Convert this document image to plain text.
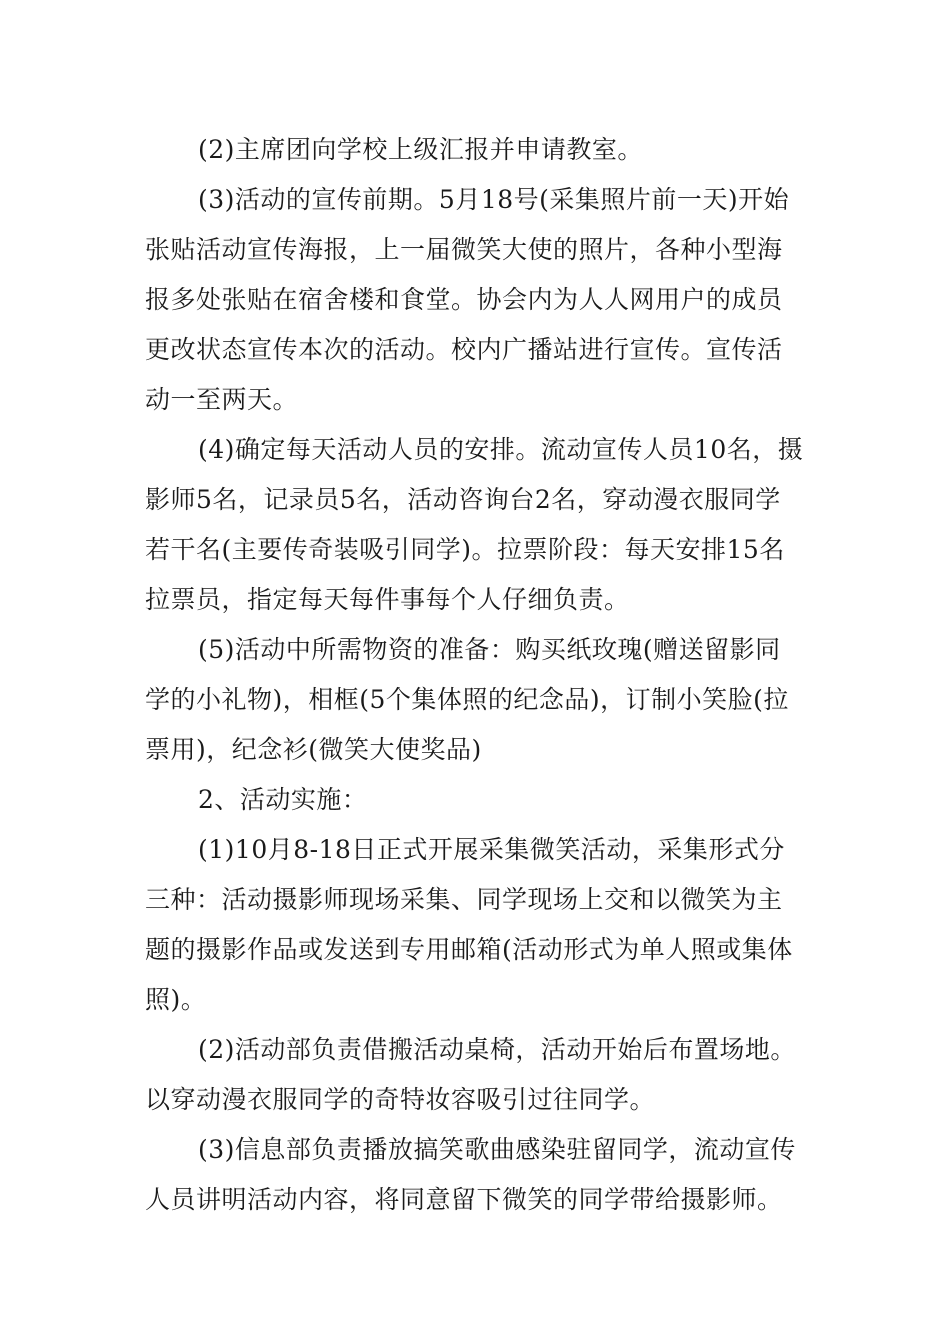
(2)主席团向学校上级汇报并申请教室。

(3)活动的宣传前期。5月18号(采集照片前一天)开始

张贴活动宣传海报，上一届微笑大使的照片，各种小型海

报多处张贴在宿舍楼和食堂。协会内为人人网用户的成员

更改状态宣传本次的活动。校内广播站进行宣传。宣传活

动一至两天。

(4)确定每天活动人员的安排。流动宣传人员10名，摄

影师5名，记录员5名，活动咨询台2名，穿动漫衣服同学

若干名(主要传奇装吸引同学)。拉票阶段：每天安排15名

拉票员，指定每天每件事每个人仔细负责。

(5)活动中所需物资的准备：购买纸玫瑰(赠送留影同

学的小礼物)，相框(5个集体照的纪念品)，订制小笑脸(拉

票用)，纪念衫(微笑大使奖品)

2、活动实施：

(1)10月8-18日正式开展采集微笑活动，采集形式分

三种：活动摄影师现场采集、同学现场上交和以微笑为主

题的摄影作品或发送到专用邮箱(活动形式为单人照或集体

照)。

(2)活动部负责借搬活动桌椅，活动开始后布置场地。

以穿动漫衣服同学的奇特妆容吸引过往同学。

(3)信息部负责播放搞笑歌曲感染驻留同学，流动宣传

人员讲明活动内容，将同意留下微笑的同学带给摄影师。
